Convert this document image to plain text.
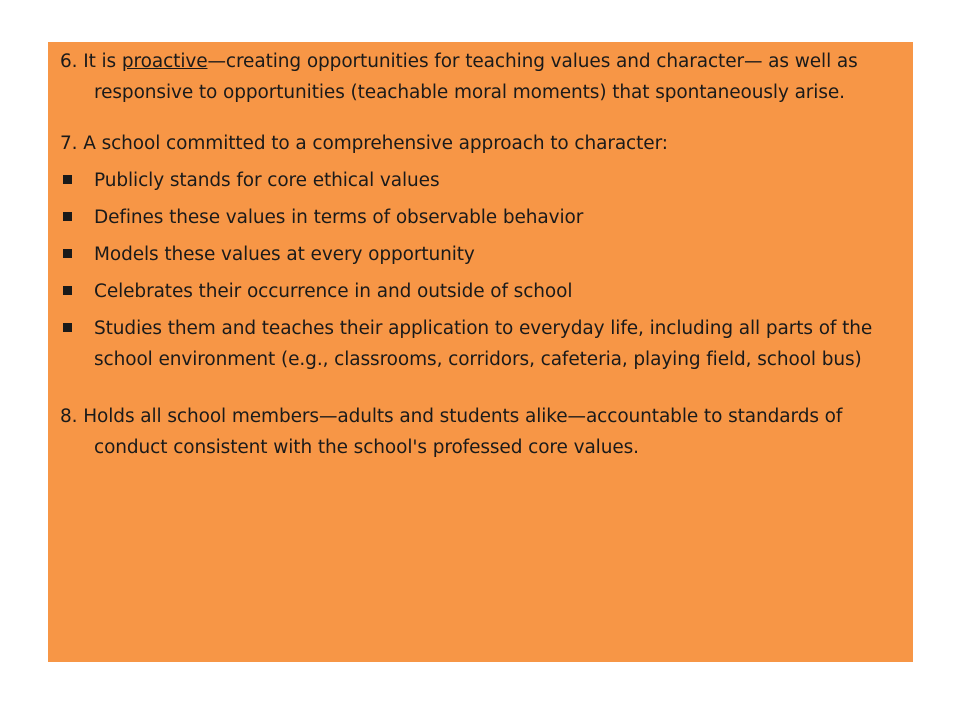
6. It is proactive—creating opportunities for teaching values and character— as well as responsive to opportunities (teachable moral moments) that spontaneously arise.

7. A school committed to a comprehensive approach to character:

Publicly stands for core ethical values
Defines these values in terms of observable behavior
Models these values at every opportunity
Celebrates their occurrence in and outside of school
Studies them and teaches their application to everyday life, including all parts of the school environment (e.g., classrooms, corridors, cafeteria, playing field, school bus)

8. Holds all school members—adults and students alike—accountable to standards of conduct consistent with the school's professed core values.
